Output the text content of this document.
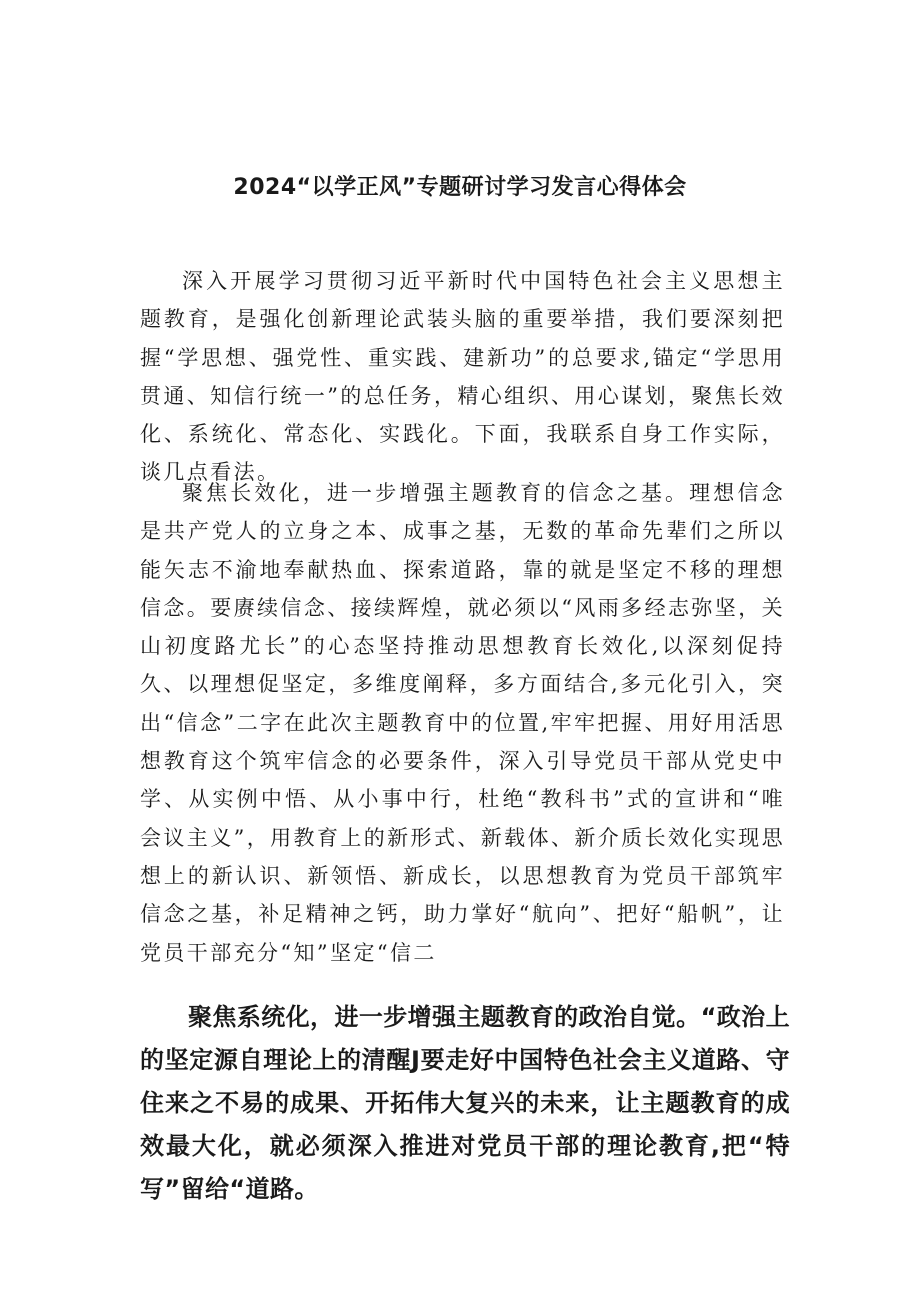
2024“以学正风”专题研讨学习发言心得体会

深入开展学习贯彻习近平新时代中国特色社会主义思想主题教育，是强化创新理论武装头脑的重要举措，我们要深刻把握“学思想、强党性、重实践、建新功”的总要求,锚定“学思用贯通、知信行统一”的总任务，精心组织、用心谋划，聚焦长效化、系统化、常态化、实践化。下面，我联系自身工作实际，谈几点看法。

聚焦长效化，进一步增强主题教育的信念之基。理想信念是共产党人的立身之本、成事之基，无数的革命先辈们之所以能矢志不渝地奉献热血、探索道路，靠的就是坚定不移的理想信念。要赓续信念、接续辉煌，就必须以“风雨多经志弥坚，关山初度路尤长”的心态坚持推动思想教育长效化,以深刻促持久、以理想促坚定，多维度阐释，多方面结合,多元化引入，突出“信念”二字在此次主题教育中的位置,牢牢把握、用好用活思想教育这个筑牢信念的必要条件，深入引导党员干部从党史中学、从实例中悟、从小事中行，杜绝“教科书”式的宣讲和“唯会议主义”，用教育上的新形式、新载体、新介质长效化实现思想上的新认识、新领悟、新成长，以思想教育为党员干部筑牢信念之基，补足精神之钙，助力掌好“航向”、把好“船帆”，让党员干部充分“知”坚定“信二

聚焦系统化，进一步增强主题教育的政治自觉。“政治上的坚定源自理论上的清醒J要走好中国特色社会主义道路、守住来之不易的成果、开拓伟大复兴的未来，让主题教育的成效最大化，就必须深入推进对党员干部的理论教育,把“特写”留给“道路。
